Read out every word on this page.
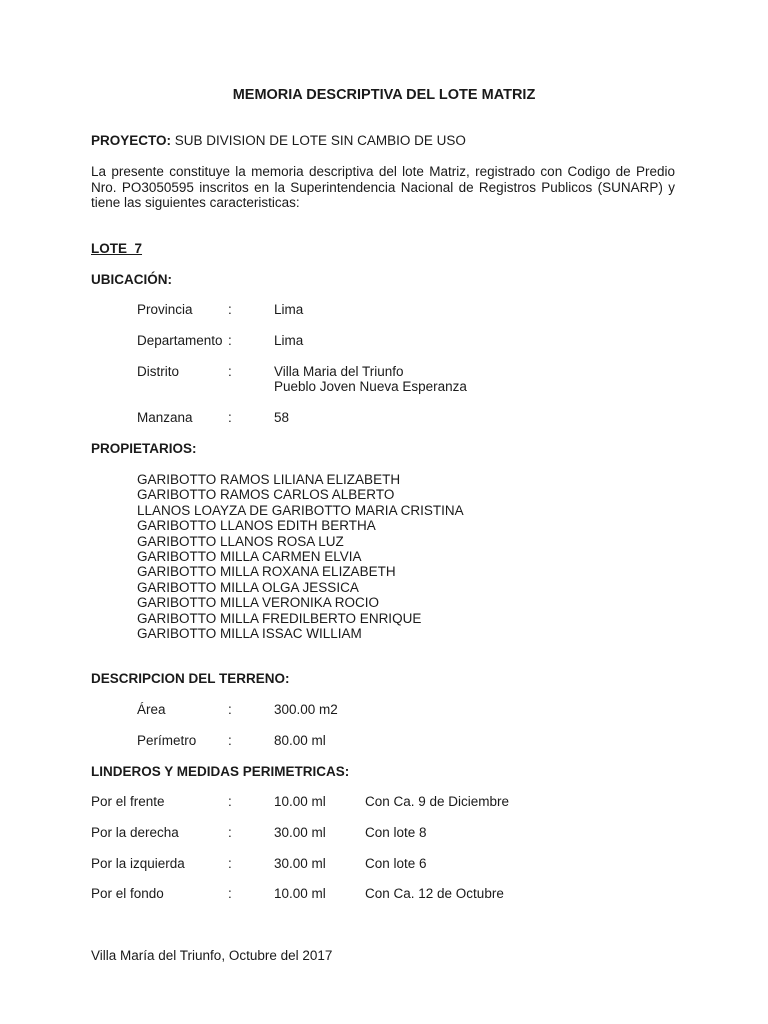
MEMORIA DESCRIPTIVA DEL LOTE MATRIZ
PROYECTO: SUB DIVISION DE LOTE SIN CAMBIO DE USO
La presente constituye la memoria descriptiva del lote Matriz, registrado con Codigo de Predio Nro. PO3050595 inscritos en la Superintendencia Nacional de Registros Publicos (SUNARP) y tiene las siguientes caracteristicas:
LOTE  7
UBICACIÓN:
Provincia	:	Lima
Departamento :	Lima
Distrito	:	Villa Maria del Triunfo
Pueblo Joven Nueva Esperanza
Manzana	:	58
PROPIETARIOS:
GARIBOTTO RAMOS LILIANA ELIZABETH
GARIBOTTO RAMOS CARLOS ALBERTO
LLANOS LOAYZA DE GARIBOTTO MARIA CRISTINA
GARIBOTTO LLANOS EDITH BERTHA
GARIBOTTO LLANOS ROSA LUZ
GARIBOTTO MILLA CARMEN ELVIA
GARIBOTTO MILLA ROXANA ELIZABETH
GARIBOTTO MILLA OLGA JESSICA
GARIBOTTO MILLA VERONIKA ROCIO
GARIBOTTO MILLA FREDILBERTO ENRIQUE
GARIBOTTO MILLA ISSAC WILLIAM
DESCRIPCION DEL TERRENO:
Área	:	300.00 m2
Perímetro :	80.00 ml
LINDEROS Y MEDIDAS PERIMETRICAS:
Por el frente	:	10.00 ml	Con Ca. 9 de Diciembre
Por la derecha	:	30.00 ml	Con lote 8
Por la izquierda	:	30.00 ml	Con lote 6
Por el fondo	:	10.00 ml	Con Ca. 12 de Octubre
Villa María del Triunfo, Octubre del 2017
